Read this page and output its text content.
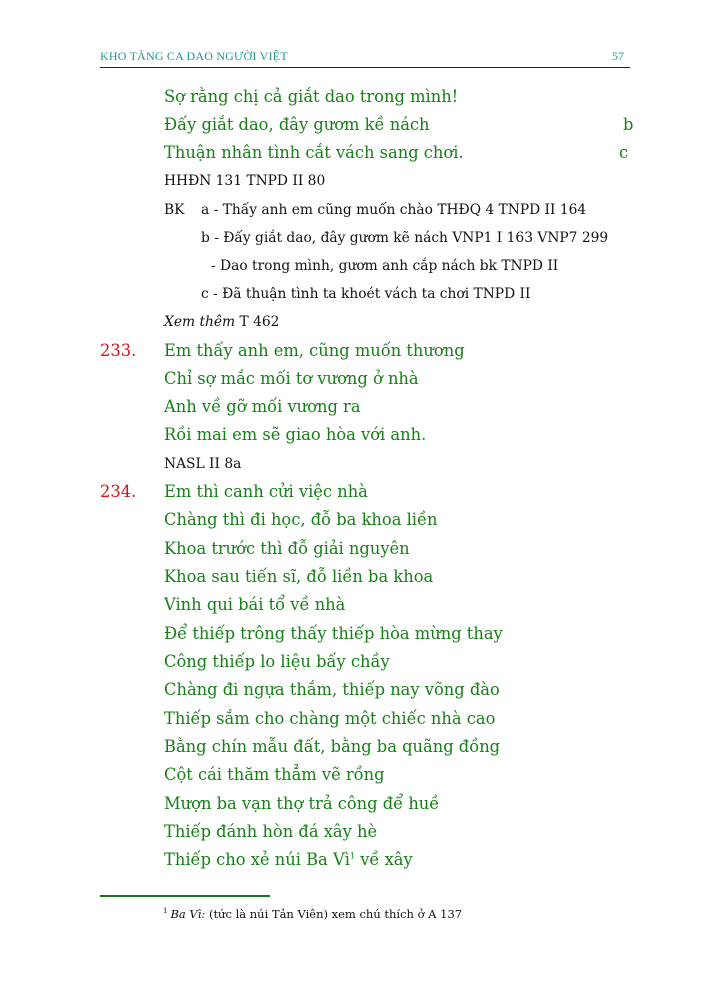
KHO TÀNG CA DAO NGƯỜI VIỆT	57
Sợ rằng chị cả giắt dao trong mình!
Đấy giắt dao, đây gươm kề nách	b
Thuận nhân tình cắt vách sang chơi.	c
HHĐN 131 TNPD II 80
BK a - Thấy anh em cũng muốn chào THĐQ 4 TNPD II 164
b - Đấy giắt dao, đây gươm kẽ nách VNP1 I 163 VNP7 299
- Dao trong mình, gươm anh cắp nách bk TNPD II
c - Đã thuận tình ta khoét vách ta chơi TNPD II
Xem thêm T 462
233. Em thấy anh em, cũng muốn thương
Chỉ sợ mắc mối tơ vương ở nhà
Anh về gỡ mối vương ra
Rồi mai em sẽ giao hòa với anh.
NASL II 8a
234. Em thì canh cửi việc nhà
Chàng thì đi học, đỗ ba khoa liền
Khoa trước thì đỗ giải nguyên
Khoa sau tiến sĩ, đỗ liền ba khoa
Vinh qui bái tổ về nhà
Để thiếp trông thấy thiếp hòa mừng thay
Công thiếp lo liệu bấy chầy
Chàng đi ngựa thắm, thiếp nay võng đào
Thiếp sắm cho chàng một chiếc nhà cao
Bằng chín mẫu đất, bằng ba quãng đồng
Cột cái thăm thẳm vẽ rồng
Mượn ba vạn thợ trả công để huề
Thiếp đánh hòn đá xây hè
Thiếp cho xẻ núi Ba Vì$^1$ về xây
$^1$ Ba Vì: (tức là núi Tản Viên) xem chú thích ở A 137
